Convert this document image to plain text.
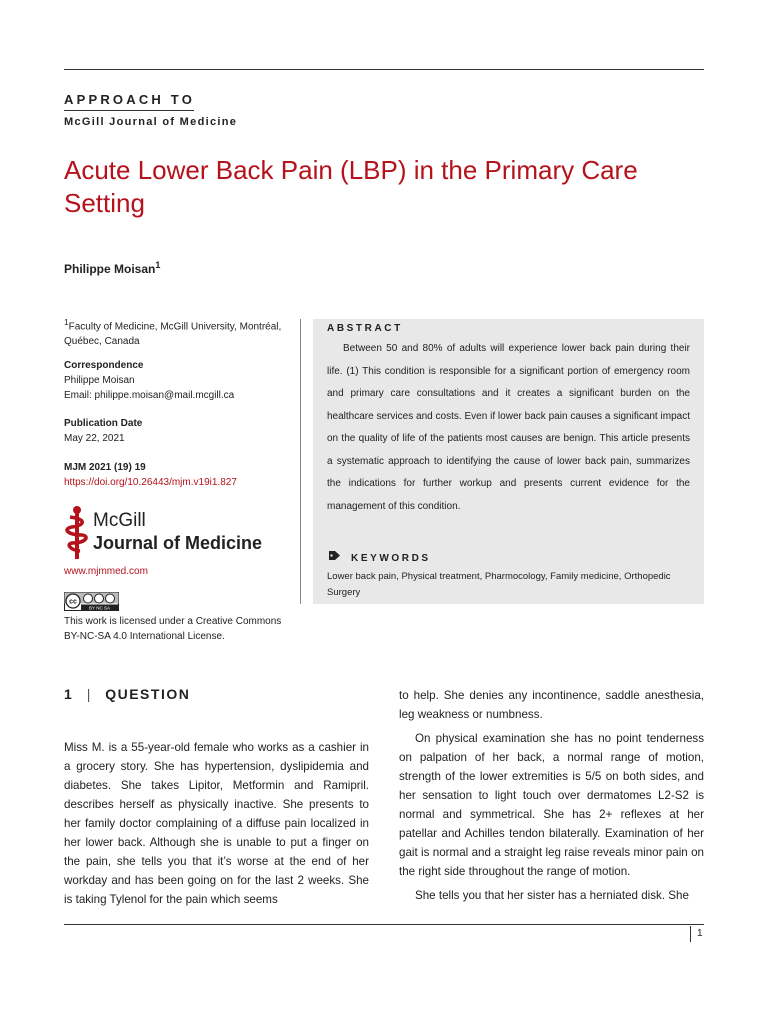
APPROACH TO
McGill Journal of Medicine
Acute Lower Back Pain (LBP) in the Primary Care Setting
Philippe Moisan$^1$
$^1$Faculty of Medicine, McGill University, Montréal, Québec, Canada
Correspondence
Philippe Moisan
Email: philippe.moisan@mail.mcgill.ca
Publication Date
May 22, 2021
MJM 2021 (19) 19
https://doi.org/10.26443/mjm.v19i1.827
McGill
Journal of Medicine
www.mjmmed.com
cc
BY NC SA
This work is licensed under a Creative Commons BY-NC-SA 4.0 International License.
ABSTRACT
Between 50 and 80% of adults will experience lower back pain during their life. (1) This condition is responsible for a significant portion of emergency room and primary care consultations and it creates a significant burden on the healthcare services and costs. Even if lower back pain causes a significant impact on the quality of life of the patients most causes are benign. This article presents a systematic approach to identifying the cause of lower back pain, summarizes the indications for further workup and presents current evidence for the management of this condition.
KEYWORDS
Lower back pain, Physical treatment, Pharmocology, Family medicine, Orthopedic Surgery
1 | QUESTION
Miss M. is a 55-year-old female who works as a cashier in a grocery story. She has hypertension, dyslipidemia and diabetes. She takes Lipitor, Metformin and Ramipril. describes herself as physically inactive. She presents to her family doctor complaining of a diffuse pain localized in her lower back. Although she is unable to put a finger on the pain, she tells you that it’s worse at the end of her workday and has been going on for the last 2 weeks. She is taking Tylenol for the pain which seems
to help. She denies any incontinence, saddle anesthesia, leg weakness or numbness.
On physical examination she has no point tenderness on palpation of her back, a normal range of motion, strength of the lower extremities is 5/5 on both sides, and her sensation to light touch over dermatomes L2-S2 is normal and symmetrical. She has 2+ reflexes at her patellar and Achilles tendon bilaterally. Examination of her gait is normal and a straight leg raise reveals minor pain on the right side throughout the range of motion.
She tells you that her sister has a herniated disk. She
1
